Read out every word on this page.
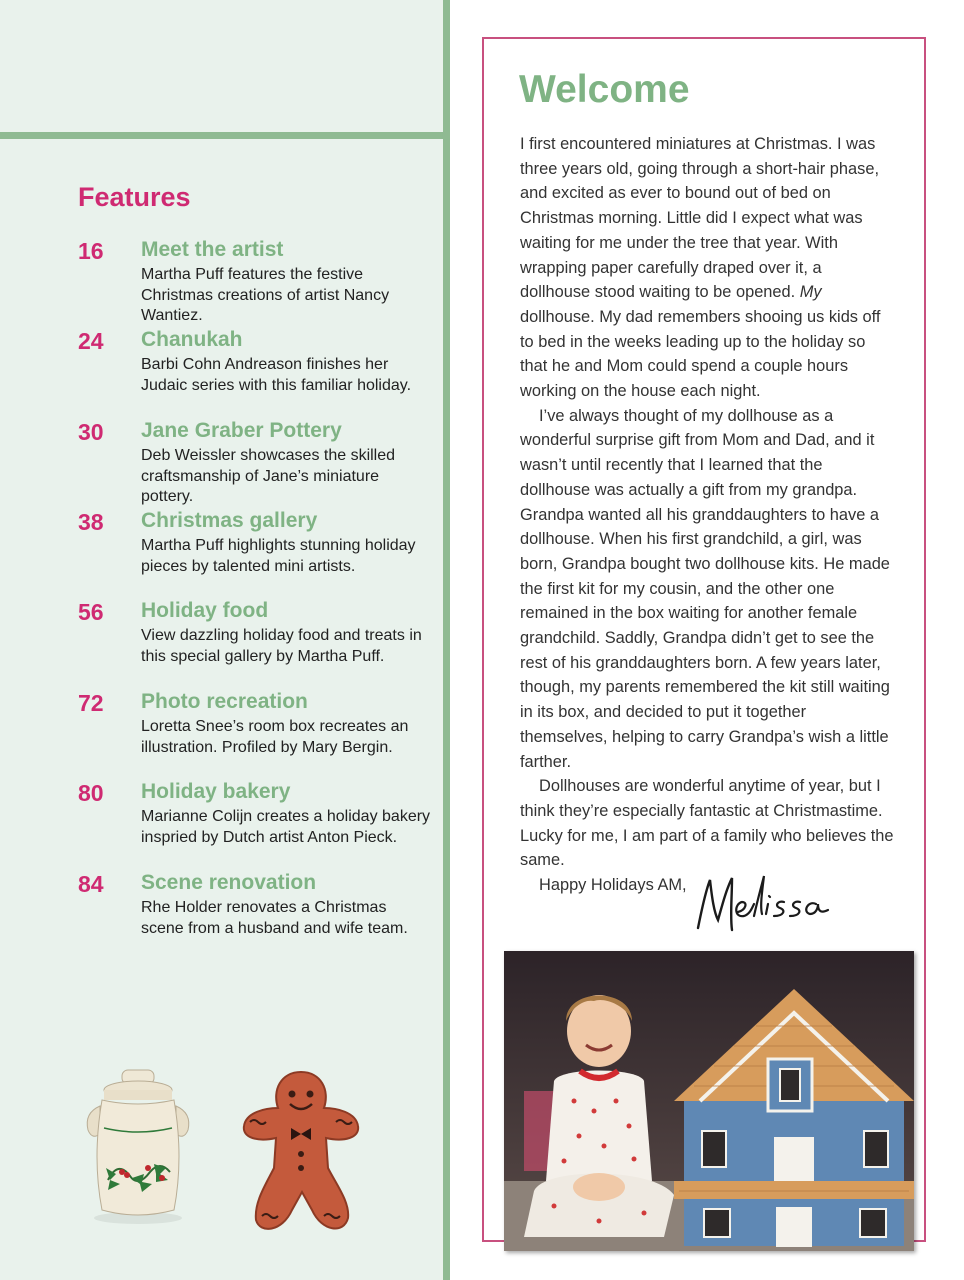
Features
16 Meet the artist
Martha Puff features the festive Christmas creations of artist Nancy Wantiez.
24 Chanukah
Barbi Cohn Andreason finishes her Judaic series with this familiar holiday.
30 Jane Graber Pottery
Deb Weissler showcases the skilled craftsmanship of Jane’s miniature pottery.
38 Christmas gallery
Martha Puff highlights stunning holiday pieces by talented mini artists.
56 Holiday food
View dazzling holiday food and treats in this special gallery by Martha Puff.
72 Photo recreation
Loretta Snee’s room box recreates an illustration. Profiled by Mary Bergin.
80 Holiday bakery
Marianne Colijn creates a holiday bakery inspried by Dutch artist Anton Pieck.
84 Scene renovation
Rhe Holder renovates a Christmas scene from a husband and wife team.
Welcome

I first encountered miniatures at Christmas. I was three years old, going through a short-hair phase, and excited as ever to bound out of bed on Christmas morning. Little did I expect what was waiting for me under the tree that year. With wrapping paper carefully draped over it, a dollhouse stood waiting to be opened. My dollhouse. My dad remembers shooing us kids off to bed in the weeks leading up to the holiday so that he and Mom could spend a couple hours working on the house each night.

I’ve always thought of my dollhouse as a wonderful surprise gift from Mom and Dad, and it wasn’t until recently that I learned that the dollhouse was actually a gift from my grandpa. Grandpa wanted all his granddaughters to have a dollhouse. When his first grandchild, a girl, was born, Grandpa bought two dollhouse kits. He made the first kit for my cousin, and the other one remained in the box waiting for another female grandchild. Saddly, Grandpa didn’t get to see the rest of his granddaughters born. A few years later, though, my parents remembered the kit still waiting in its box, and decided to put it together themselves, helping to carry Grandpa’s wish a little farther.

Dollhouses are wonderful anytime of year, but I think they’re especially fantastic at Christmastime. Lucky for me, I am part of a family who believes the same.

Happy Holidays AM,
